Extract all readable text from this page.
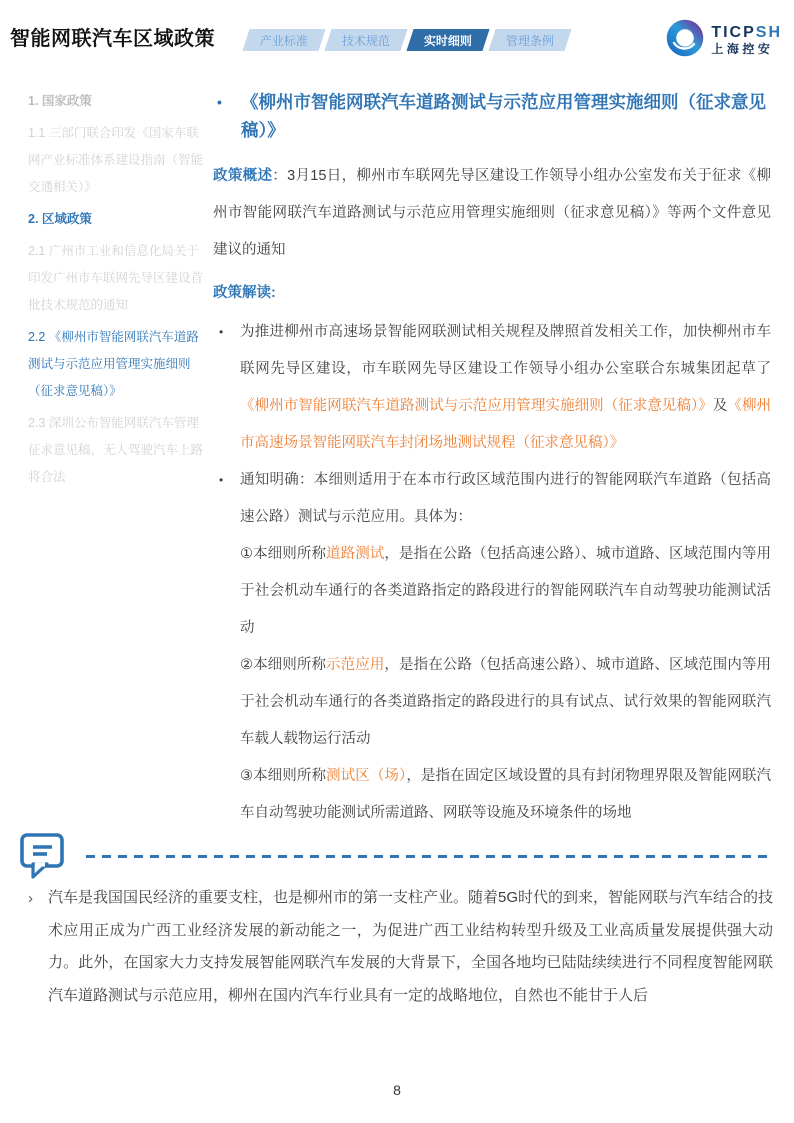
智能网联汽车区域政策	产业标准	技术规范	实时细则	管理条例	TICPSH
上海控安
1. 国家政策
1.1 三部门联合印发《国家车联网产业标准体系建设指南（智能交通相关）》
2. 区域政策
2.1 广州市工业和信息化局关于印发广州市车联网先导区建设首批技术规范的通知
2.2 《柳州市智能网联汽车道路测试与示范应用管理实施细则（征求意见稿）》
2.3 深圳公布智能网联汽车管理征求意见稿，无人驾驶汽车上路将合法
• 《柳州市智能网联汽车道路测试与示范应用管理实施细则（征求意见稿）》

政策概述：3月15日，柳州市车联网先导区建设工作领导小组办公室发布关于征求《柳州市智能网联汽车道路测试与示范应用管理实施细则（征求意见稿）》等两个文件意见建议的通知

政策解读:

• 为推进柳州市高速场景智能网联测试相关规程及牌照首发相关工作，加快柳州市车联网先导区建设，市车联网先导区建设工作领导小组办公室联合东城集团起草了《柳州市智能网联汽车道路测试与示范应用管理实施细则（征求意见稿）》及《柳州市高速场景智能网联汽车封闭场地测试规程（征求意见稿）》

• 通知明确：本细则适用于在本市行政区域范围内进行的智能网联汽车道路（包括高速公路）测试与示范应用。具体为：
①本细则所称道路测试，是指在公路（包括高速公路）、城市道路、区域范围内等用于社会机动车通行的各类道路指定的路段进行的智能网联汽车自动驾驶功能测试活动
②本细则所称示范应用，是指在公路（包括高速公路）、城市道路、区域范围内等用于社会机动车通行的各类道路指定的路段进行的具有试点、试行效果的智能网联汽车载人载物运行活动
③本细则所称测试区（场），是指在固定区域设置的具有封闭物理界限及智能网联汽车自动驾驶功能测试所需道路、网联等设施及环境条件的场地

› 汽车是我国国民经济的重要支柱，也是柳州市的第一支柱产业。随着5G时代的到来，智能网联与汽车结合的技术应用正成为广西工业经济发展的新动能之一，为促进广西工业结构转型升级及工业高质量发展提供强大动力。此外，在国家大力支持发展智能网联汽车发展的大背景下，全国各地均已陆陆续续进行不同程度智能网联汽车道路测试与示范应用，柳州在国内汽车行业具有一定的战略地位，自然也不能甘于人后
8
